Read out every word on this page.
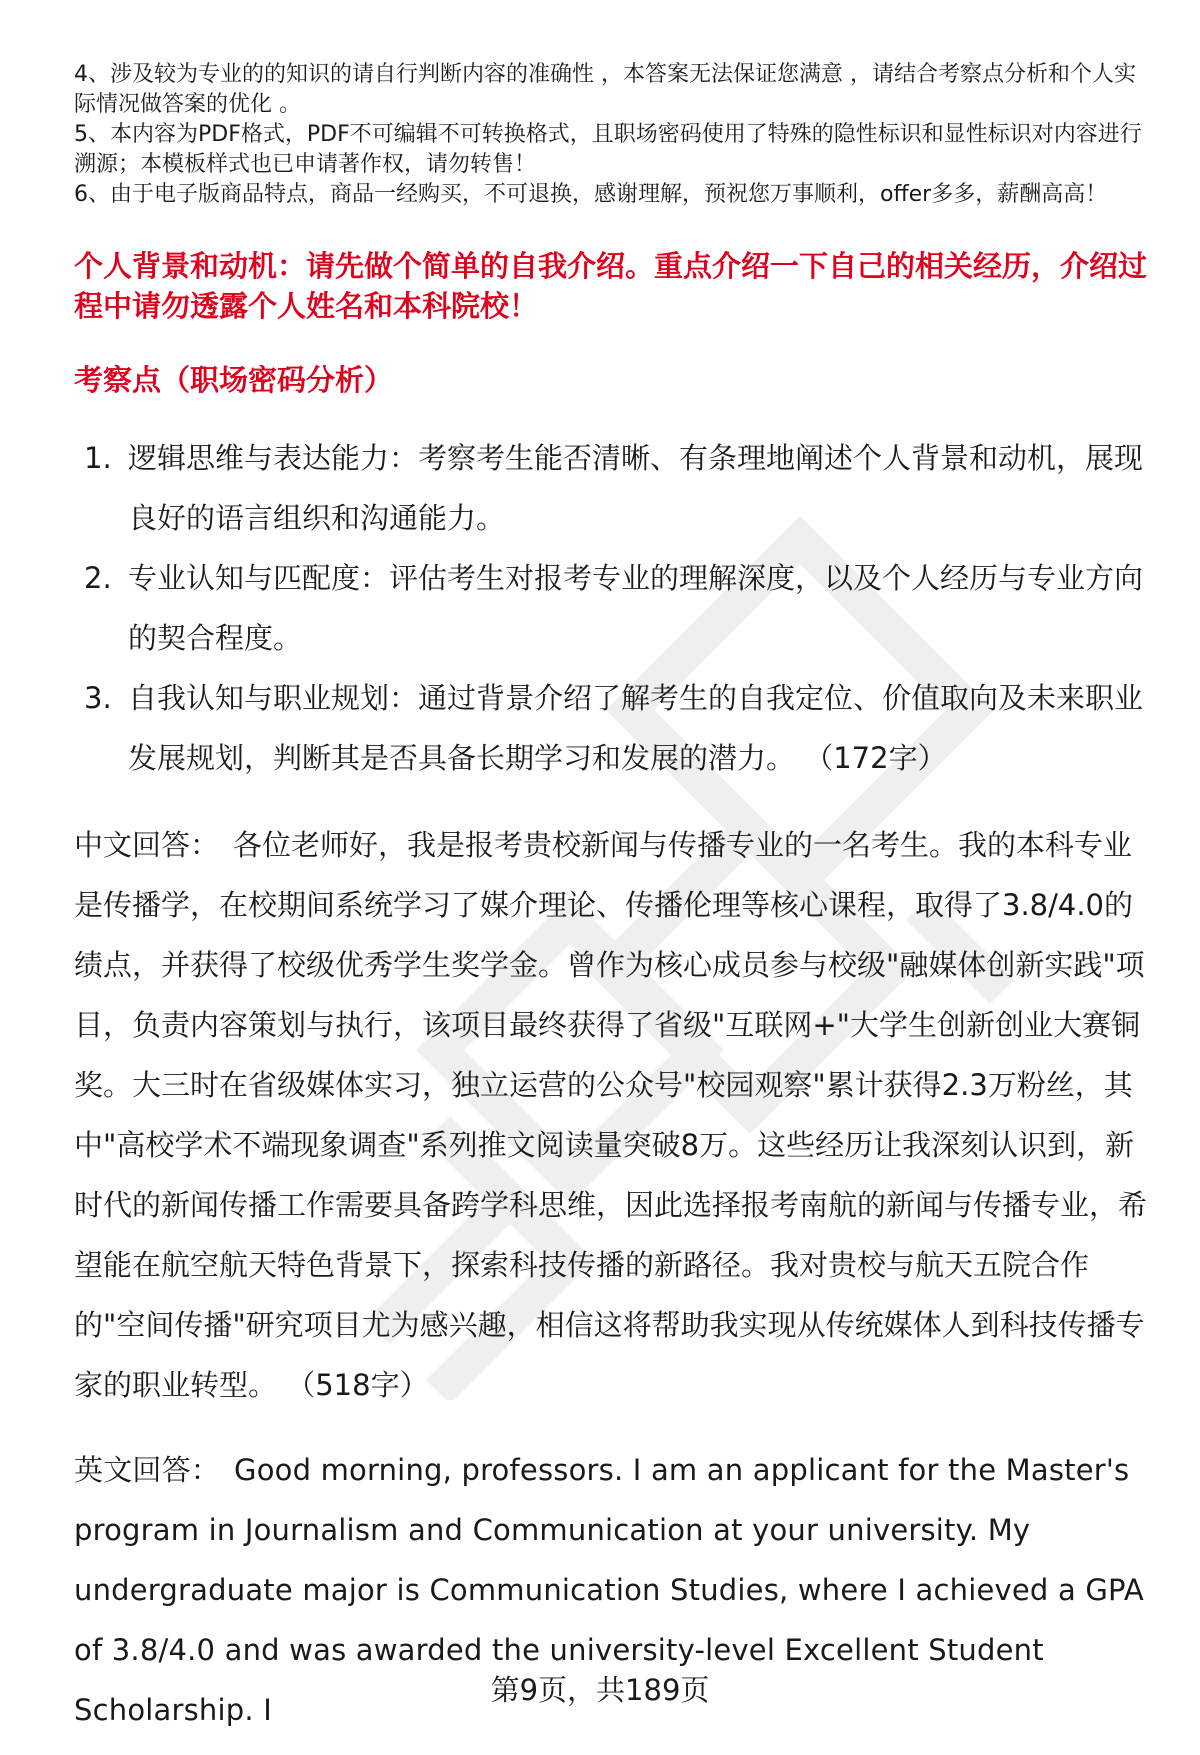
4、涉及较为专业的的知识的请自行判断内容的准确性 ，本答案无法保证您满意 ，请结合考察点分析和个人实际情况做答案的优化 。

5、本内容为PDF格式，PDF不可编辑不可转换格式，且职场密码使用了特殊的隐性标识和显性标识对内容进行溯源；本模板样式也已申请著作权，请勿转售！

6、由于电子版商品特点，商品一经购买，不可退换，感谢理解，预祝您万事顺利，offer多多，薪酬高高！

个人背景和动机：请先做个简单的自我介绍。重点介绍一下自己的相关经历，介绍过程中请勿透露个人姓名和本科院校！

考察点（职场密码分析）

1. 逻辑思维与表达能力：考察考生能否清晰、有条理地阐述个人背景和动机，展现良好的语言组织和沟通能力。
2. 专业认知与匹配度：评估考生对报考专业的理解深度，以及个人经历与专业方向的契合程度。
3. 自我认知与职业规划：通过背景介绍了解考生的自我定位、价值取向及未来职业发展规划，判断其是否具备长期学习和发展的潜力。 （172字）

中文回答： 各位老师好，我是报考贵校新闻与传播专业的一名考生。我的本科专业是传播学，在校期间系统学习了媒介理论、传播伦理等核心课程，取得了3.8/4.0的绩点，并获得了校级优秀学生奖学金。曾作为核心成员参与校级"融媒体创新实践"项目，负责内容策划与执行，该项目最终获得了省级"互联网+"大学生创新创业大赛铜奖。大三时在省级媒体实习，独立运营的公众号"校园观察"累计获得2.3万粉丝，其中"高校学术不端现象调查"系列推文阅读量突破8万。这些经历让我深刻认识到，新时代的新闻传播工作需要具备跨学科思维，因此选择报考南航的新闻与传播专业，希望能在航空航天特色背景下，探索科技传播的新路径。我对贵校与航天五院合作的"空间传播"研究项目尤为感兴趣，相信这将帮助我实现从传统媒体人到科技传播专家的职业转型。 （518字）

英文回答： Good morning, professors. I am an applicant for the Master's program in Journalism and Communication at your university. My undergraduate major is Communication Studies, where I achieved a GPA of 3.8/4.0 and was awarded the university-level Excellent Student Scholarship. I

第9页，共189页
